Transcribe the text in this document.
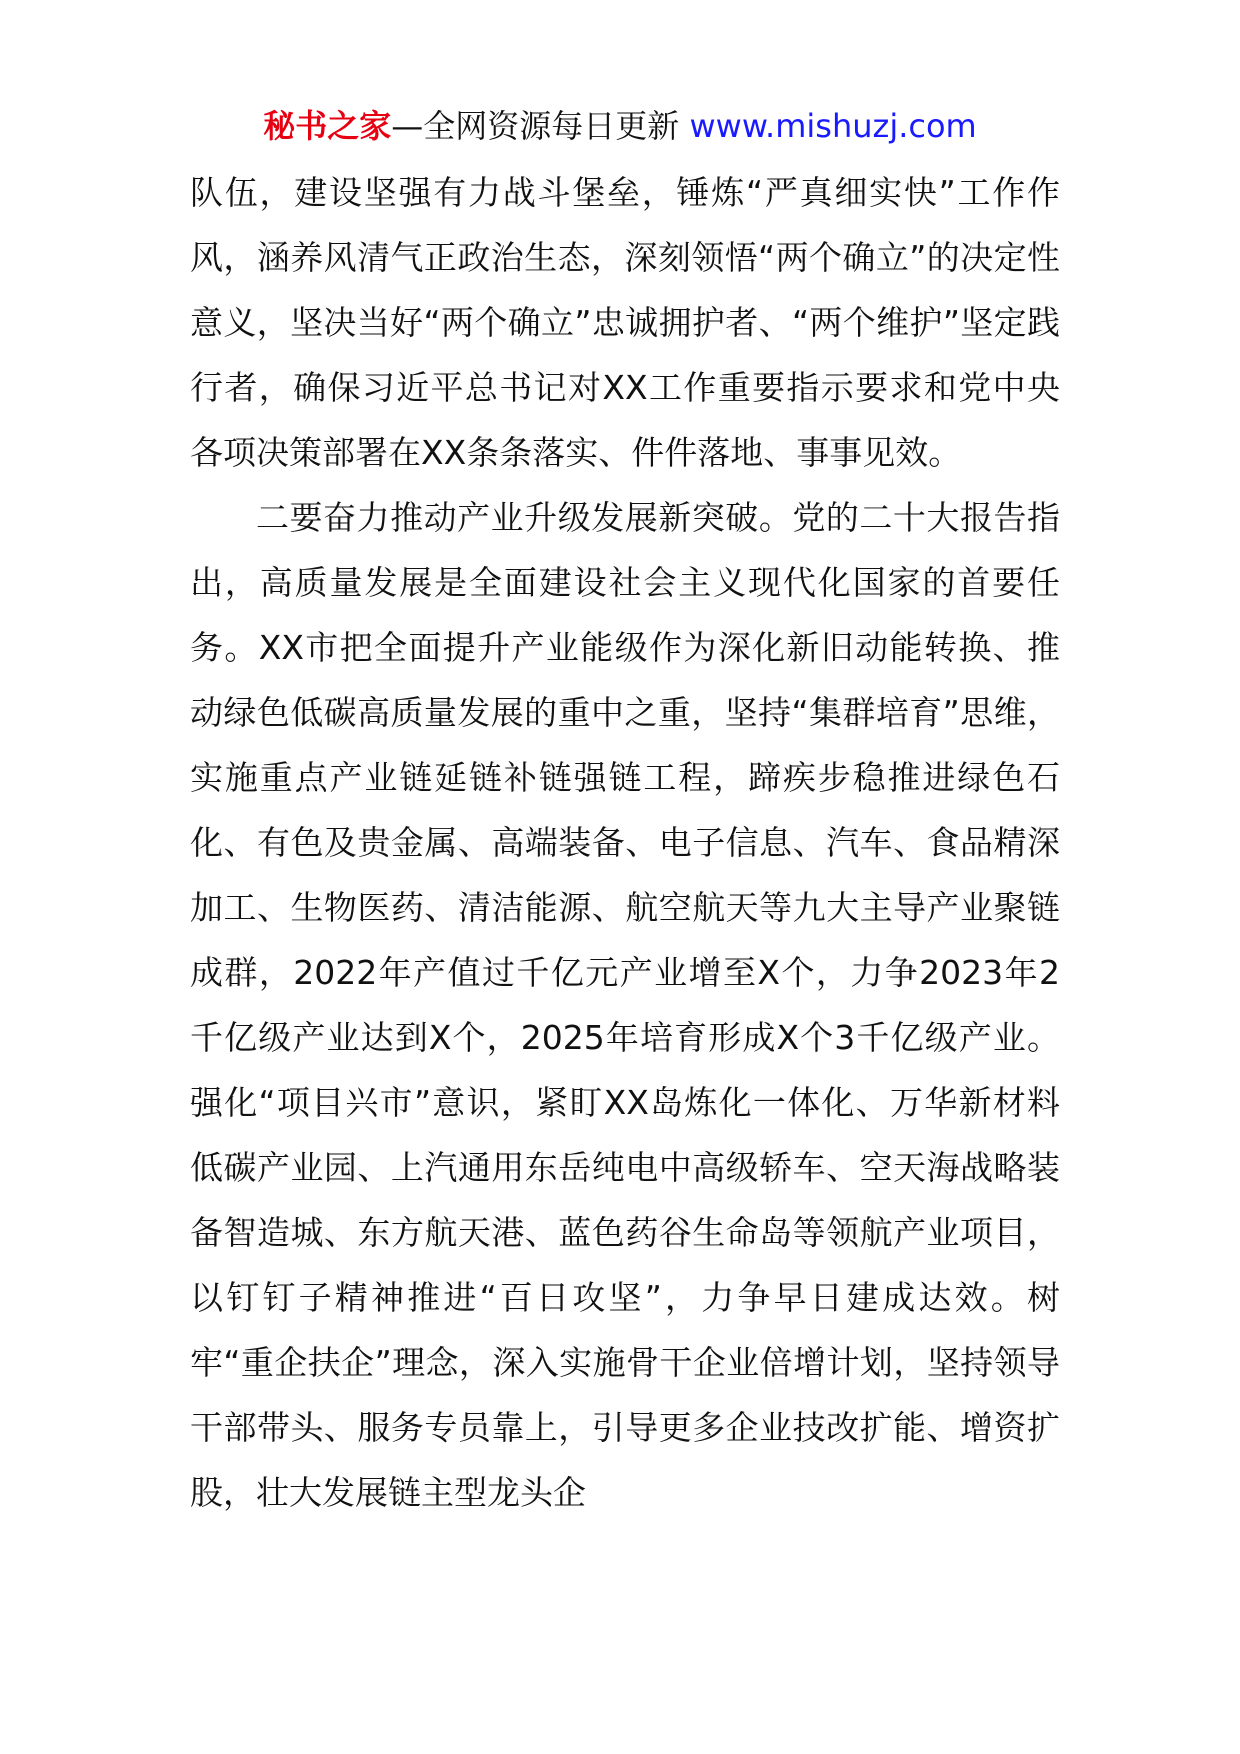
秘书之家—全网资源每日更新 www.mishuzj.com

队伍，建设坚强有力战斗堡垒，锤炼“严真细实快”工作作风，涵养风清气正政治生态，深刻领悟“两个确立”的决定性意义，坚决当好“两个确立”忠诚拥护者、“两个维护”坚定践行者，确保习近平总书记对XX工作重要指示要求和党中央各项决策部署在XX条条落实、件件落地、事事见效。

二要奋力推动产业升级发展新突破。党的二十大报告指出，高质量发展是全面建设社会主义现代化国家的首要任务。XX市把全面提升产业能级作为深化新旧动能转换、推动绿色低碳高质量发展的重中之重，坚持“集群培育”思维，实施重点产业链延链补链强链工程，蹄疾步稳推进绿色石化、有色及贵金属、高端装备、电子信息、汽车、食品精深加工、生物医药、清洁能源、航空航天等九大主导产业聚链成群，2022年产值过千亿元产业增至X个，力争2023年2千亿级产业达到X个，2025年培育形成X个3千亿级产业。强化“项目兴市”意识，紧盯XX岛炼化一体化、万华新材料低碳产业园、上汽通用东岳纯电中高级轿车、空天海战略装备智造城、东方航天港、蓝色药谷生命岛等领航产业项目，以钉钉子精神推进“百日攻坚”，力争早日建成达效。树牢“重企扶企”理念，深入实施骨干企业倍增计划，坚持领导干部带头、服务专员靠上，引导更多企业技改扩能、增资扩股，壮大发展链主型龙头企
